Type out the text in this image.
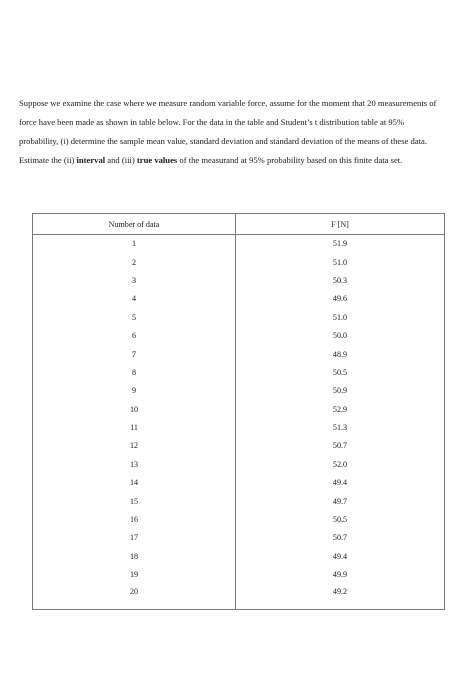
Suppose we examine the case where we measure random variable force, assume for the moment that 20 measurements of force have been made as shown in table below. For the data in the table and Student’s t distribution table at 95% probability, (i) determine the sample mean value, standard deviation and standard deviation of the means of these data. Estimate the (ii) interval and (iii) true values of the measurand at 95% probability based on this finite data set.

Number of data	F [N]
1	51.9
2	51.0
3	50.3
4	49.6
5	51.0
6	50.0
7	48.9
8	50.5
9	50.9
10	52.9
11	51.3
12	50.7
13	52.0
14	49.4
15	49.7
16	50.5
17	50.7
18	49.4
19	49.9
20	49.2
